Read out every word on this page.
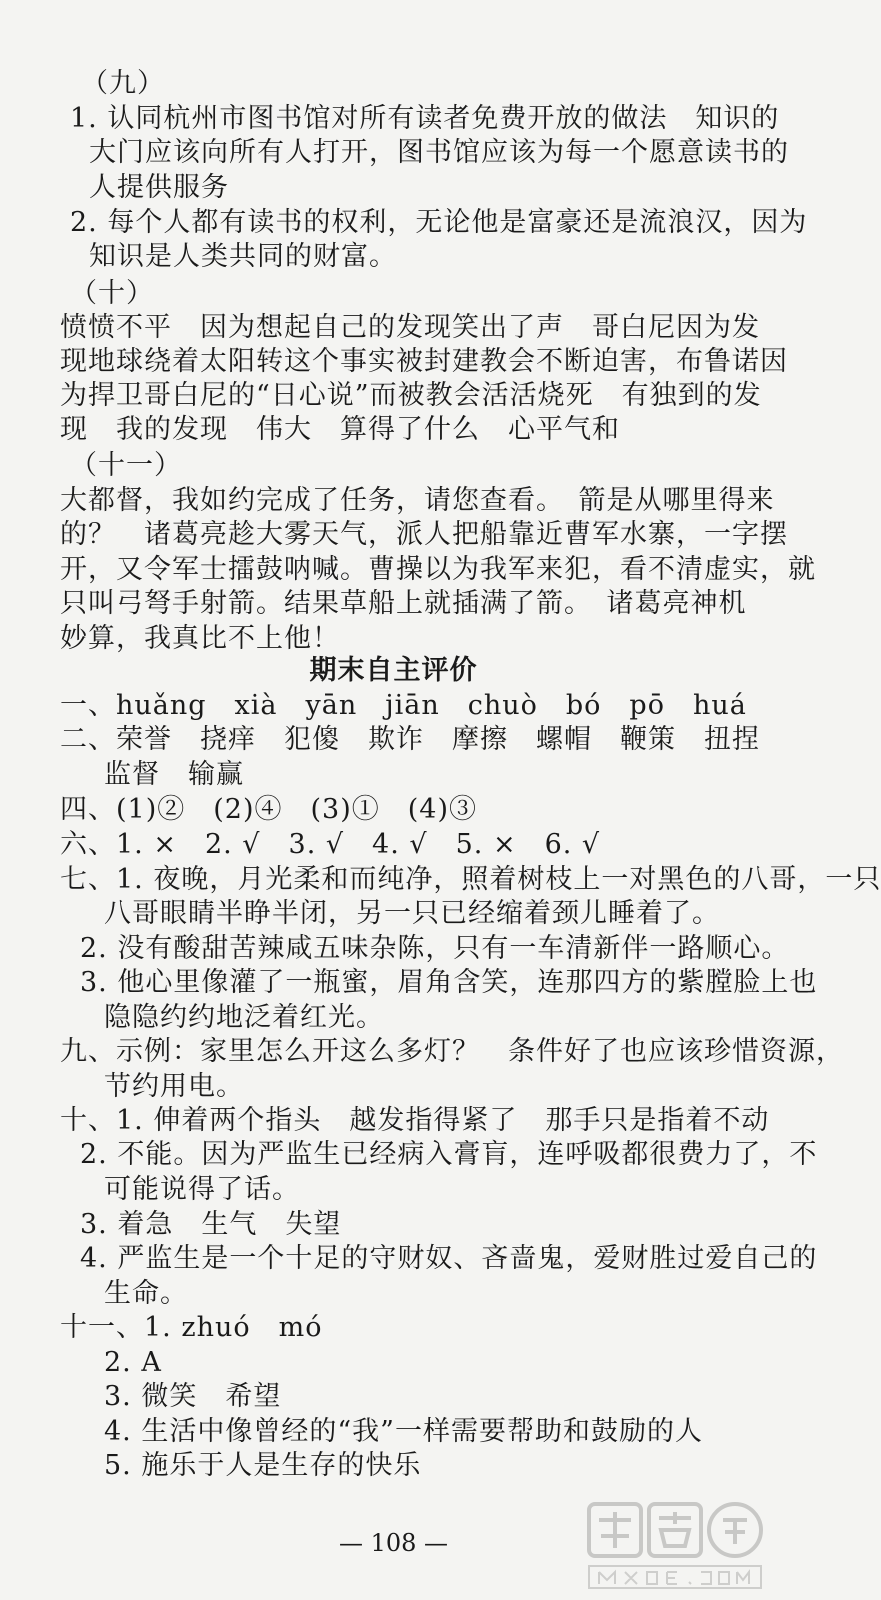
（九）
1. 认同杭州市图书馆对所有读者免费开放的做法　知识的
大门应该向所有人打开，图书馆应该为每一个愿意读书的
人提供服务
2. 每个人都有读书的权利，无论他是富豪还是流浪汉，因为
知识是人类共同的财富。
（十）
愤愤不平　因为想起自己的发现笑出了声　哥白尼因为发
现地球绕着太阳转这个事实被封建教会不断迫害，布鲁诺因
为捍卫哥白尼的“日心说”而被教会活活烧死　有独到的发
现　我的发现　伟大　算得了什么　心平气和
（十一）
大都督，我如约完成了任务，请您查看。　箭是从哪里得来
的？　诸葛亮趁大雾天气，派人把船靠近曹军水寨，一字摆
开，又令军士擂鼓呐喊。曹操以为我军来犯，看不清虚实，就
只叫弓弩手射箭。结果草船上就插满了箭。　诸葛亮神机
妙算，我真比不上他！
期末自主评价
一、huǎng　xià　yān　jiān　chuò　bó　pō　huá
二、荣誉　挠痒　犯傻　欺诈　摩擦　螺帽　鞭策　扭捏
监督　输赢
四、(1)②　(2)④　(3)①　(4)③
六、1. ×　2. √　3. √　4. √　5. ×　6. √
七、1. 夜晚，月光柔和而纯净，照着树枝上一对黑色的八哥，一只
八哥眼睛半睁半闭，另一只已经缩着颈儿睡着了。
2. 没有酸甜苦辣咸五味杂陈，只有一车清新伴一路顺心。
3. 他心里像灌了一瓶蜜，眉角含笑，连那四方的紫膛脸上也
隐隐约约地泛着红光。
九、示例：家里怎么开这么多灯？　条件好了也应该珍惜资源，
节约用电。
十、1. 伸着两个指头　越发指得紧了　那手只是指着不动
2. 不能。因为严监生已经病入膏肓，连呼吸都很费力了，不
可能说得了话。
3. 着急　生气　失望
4. 严监生是一个十足的守财奴、吝啬鬼，爱财胜过爱自己的
生命。
十一、1. zhuó　mó
2. A
3. 微笑　希望
4. 生活中像曾经的“我”一样需要帮助和鼓励的人
5. 施乐于人是生存的快乐
— 108 —
